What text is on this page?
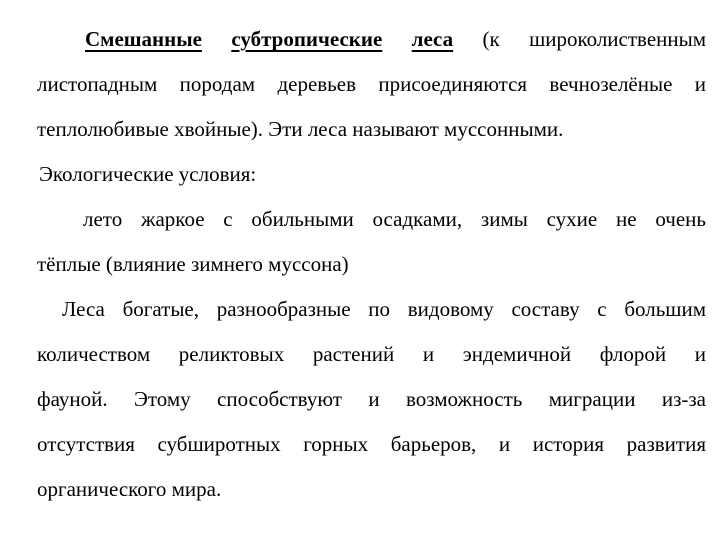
Смешанные субтропические леса (к широколиственным
листопадным породам деревьев присоединяются вечнозелёные и
теплолюбивые хвойные). Эти леса называют муссонными.
Экологические условия:
лето жаркое с обильными осадками, зимы сухие не очень
тёплые (влияние зимнего муссона)
Леса богатые, разнообразные по видовому составу с большим
количеством реликтовых растений и эндемичной флорой и
фауной. Этому способствуют и возможность миграции из-за
отсутствия субширотных горных барьеров, и история развития
органического мира.
